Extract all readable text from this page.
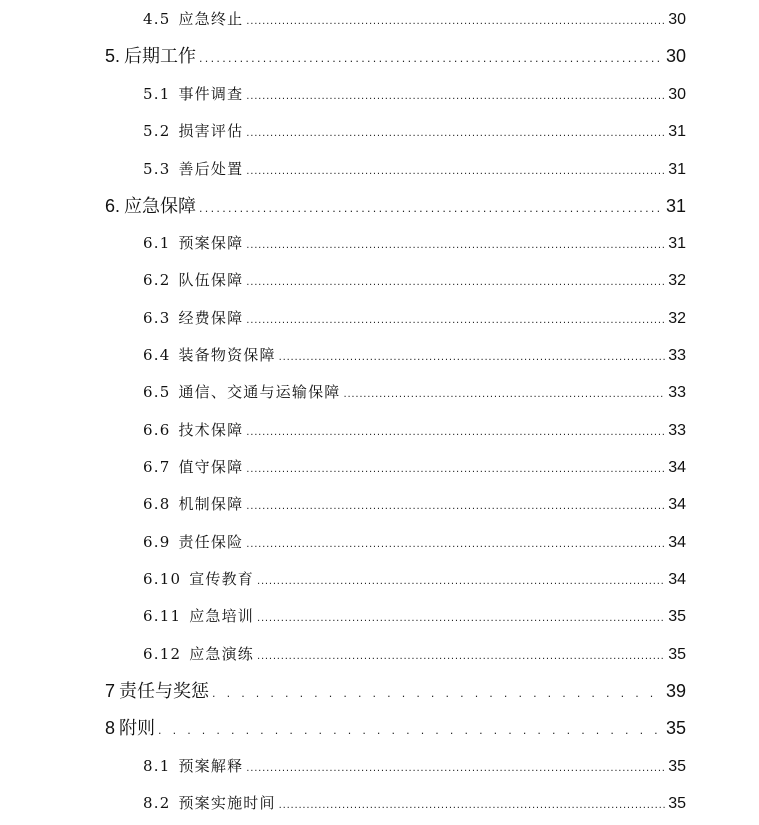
4.5 应急终止 . . .	30
5. 后期工作 . . .	30
5.1 事件调查 . . .	30
5.2 损害评估 . . .	31
5.3 善后处置 . . .	31
6. 应急保障 . . .	31
6.1 预案保障 . . .	31
6.2 队伍保障 . . .	32
6.3 经费保障 . . .	32
6.4 装备物资保障 . . .	33
6.5 通信、交通与运输保障 . . .	33
6.6 技术保障 . . .	33
6.7 值守保障 . . .	34
6.8 机制保障 . . .	34
6.9 责任保险 . . .	34
6.10 宣传教育 . . .	34
6.11 应急培训 . . .	35
6.12 应急演练 . . .	35
7 责任与奖惩 . . .	39
8 附则 . . .	35
8.1 预案解释 . . .	35
8.2 预案实施时间 . . .	35
